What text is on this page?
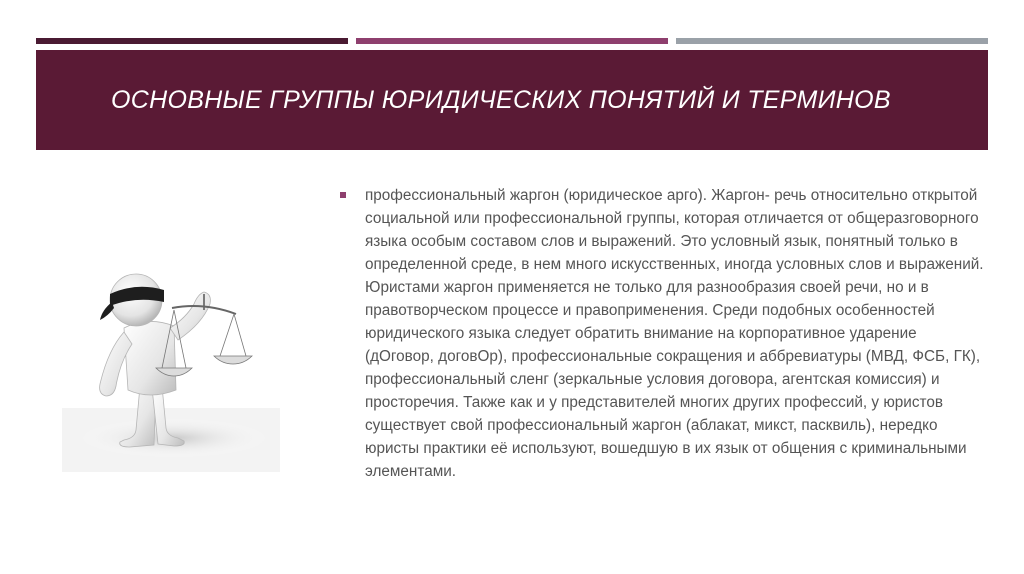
ОСНОВНЫЕ ГРУППЫ ЮРИДИЧЕСКИХ ПОНЯТИЙ И ТЕРМИНОВ

профессиональный жаргон (юридическое арго). Жаргон- речь относительно открытой социальной или профессиональной группы, которая отличается от общеразговорного языка особым составом слов и выражений. Это условный язык, понятный только в определенной среде, в нем много искусственных, иногда условных слов и выражений. Юристами жаргон применяется не только для разнообразия своей речи, но и в правотворческом процессе и правоприменения. Среди подобных особенностей юридического языка следует обратить внимание на корпоративное ударение (дОговор, договОр), профессиональные сокращения и аббревиатуры (МВД, ФСБ, ГК), профессиональный сленг (зеркальные условия договора, агентская комиссия) и просторечия. Также как и у представителей многих других профессий, у юристов существует свой профессиональный жаргон (аблакат, микст, пасквиль), нередко юристы практики её используют, вошедшую в их язык от общения с криминальными элементами.
